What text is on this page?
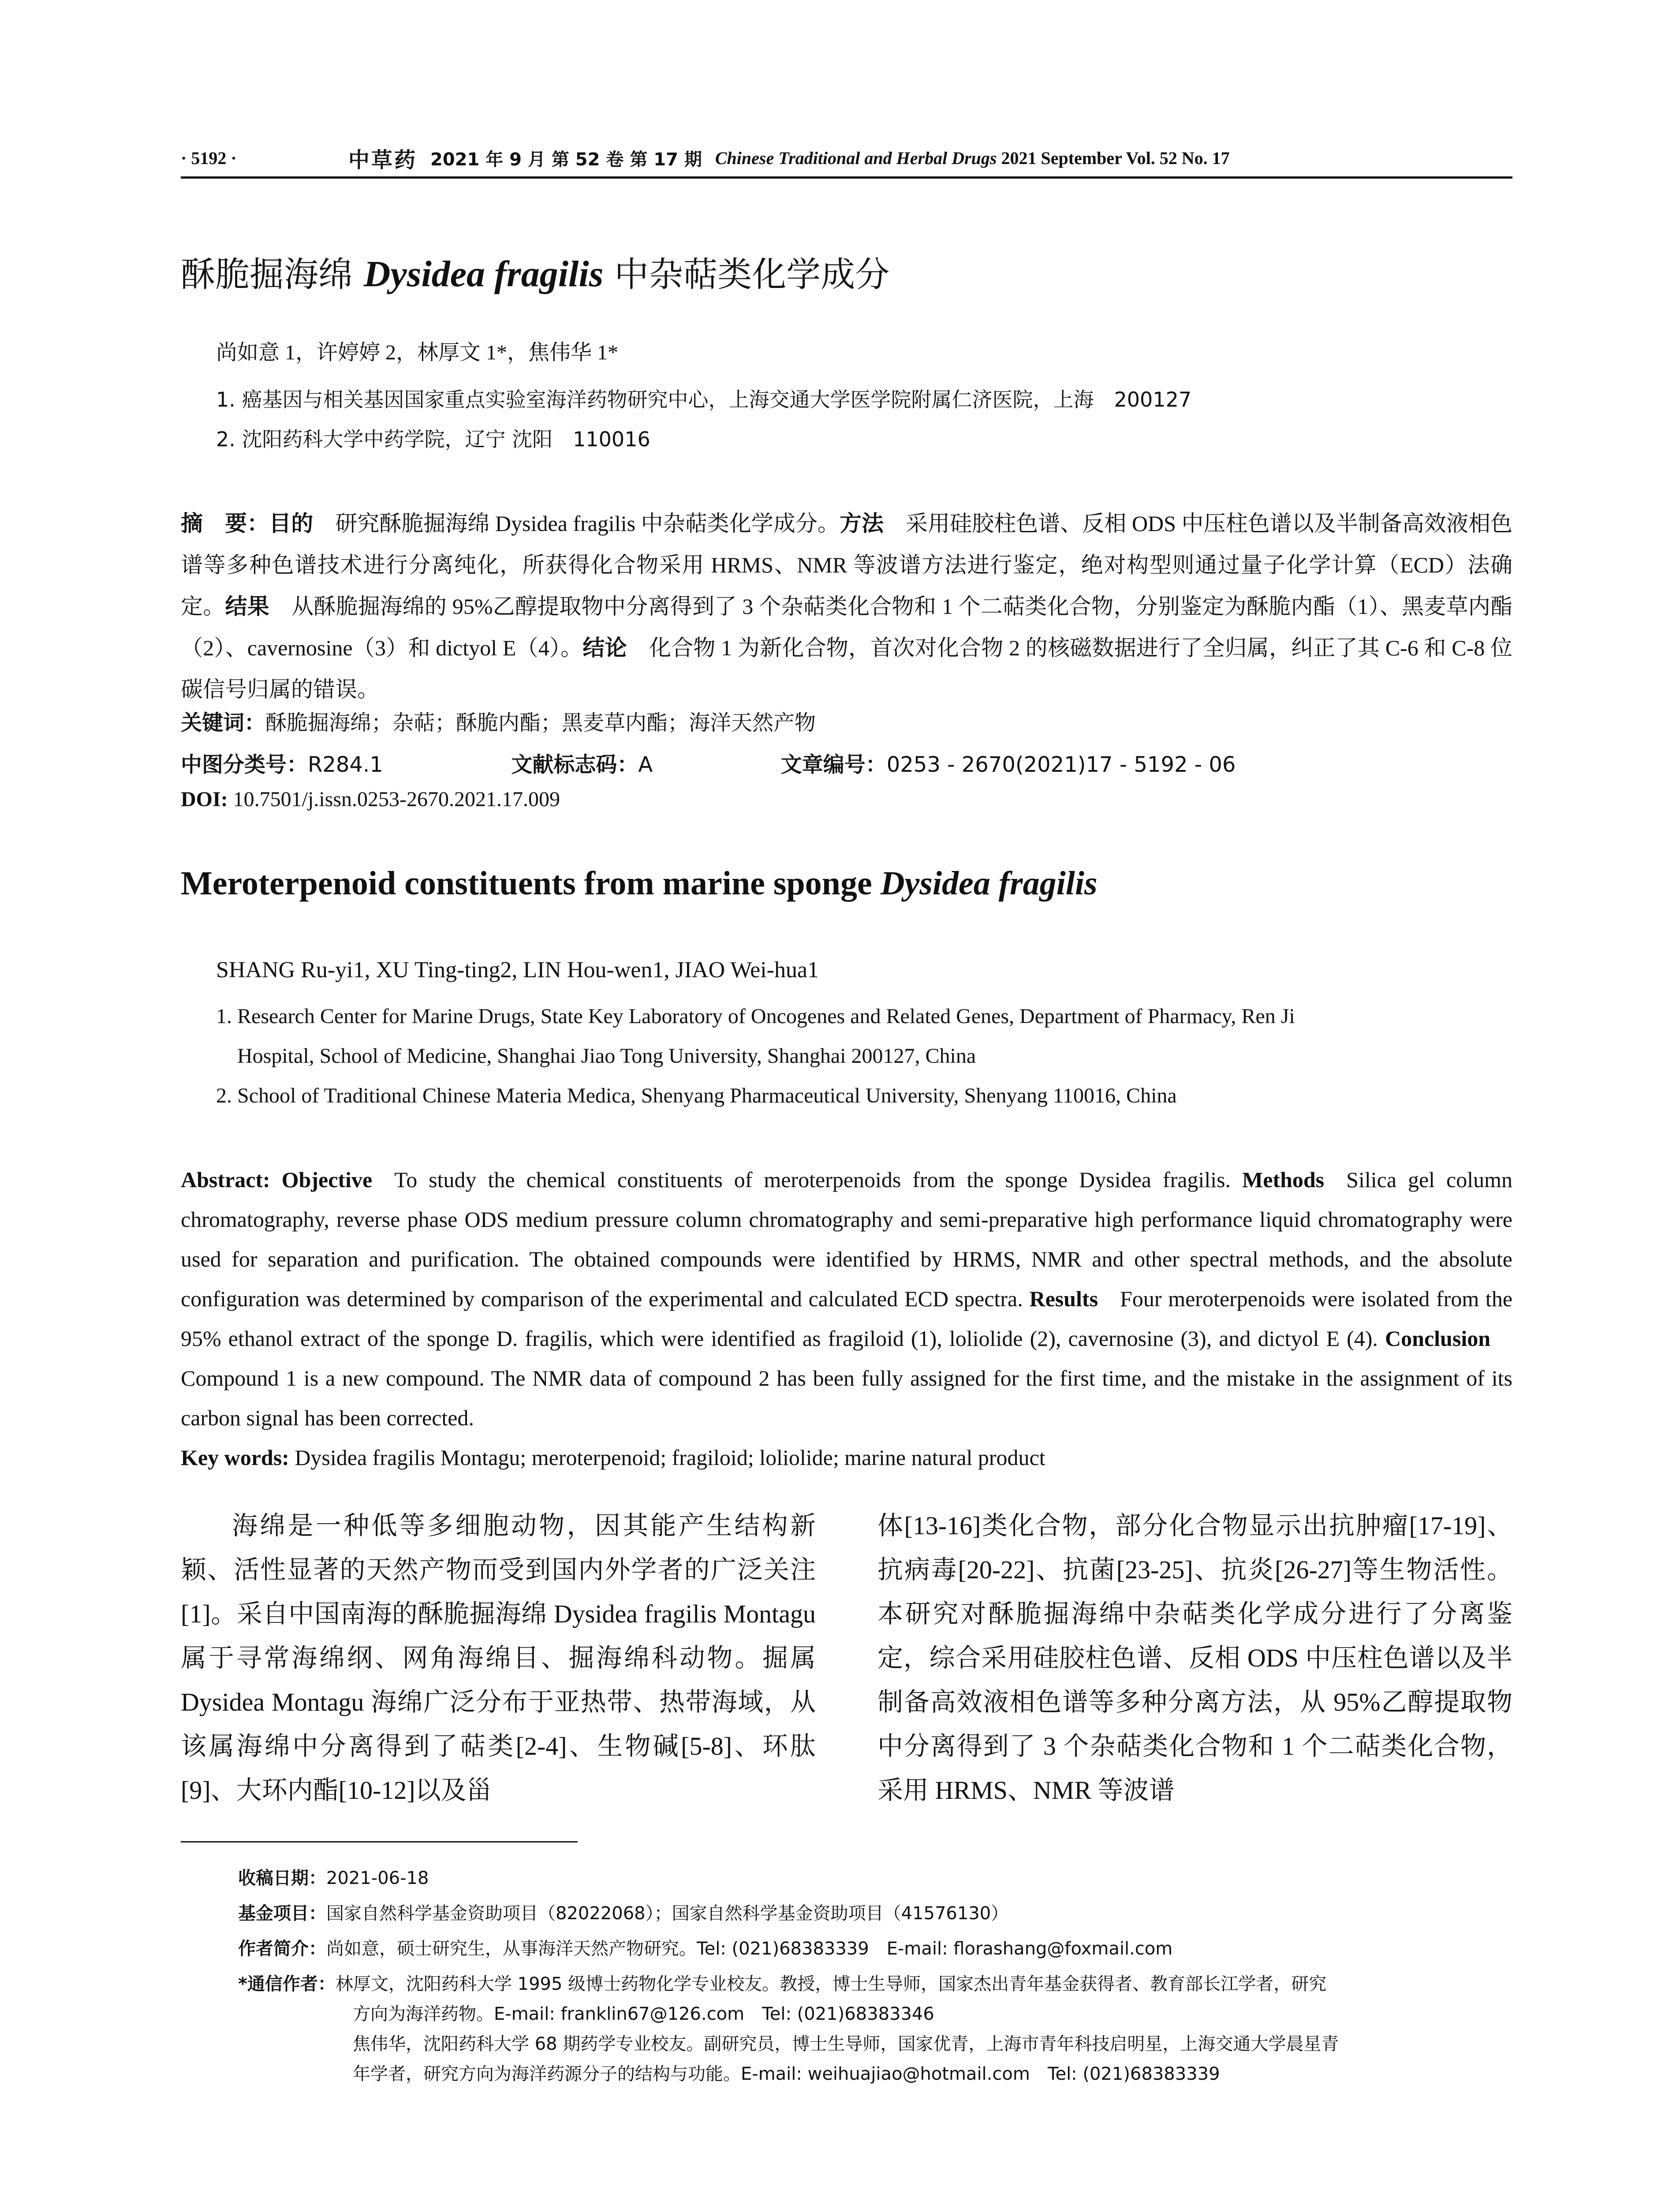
· 5192 ·	中草药 2021 年 9 月 第 52 卷 第 17 期 Chinese Traditional and Herbal Drugs 2021 September Vol. 52 No. 17
酥脆掘海绵 Dysidea fragilis 中杂萜类化学成分
尚如意 1，许婷婷 2，林厚文 1*，焦伟华 1*
1. 癌基因与相关基因国家重点实验室海洋药物研究中心，上海交通大学医学院附属仁济医院，上海　200127
2. 沈阳药科大学中药学院，辽宁 沈阳　110016
摘　要：目的　研究酥脆掘海绵 Dysidea fragilis 中杂萜类化学成分。方法　采用硅胶柱色谱、反相 ODS 中压柱色谱以及半制备高效液相色谱等多种色谱技术进行分离纯化，所获得化合物采用 HRMS、NMR 等波谱方法进行鉴定，绝对构型则通过量子化学计算（ECD）法确定。结果　从酥脆掘海绵的 95%乙醇提取物中分离得到了 3 个杂萜类化合物和 1 个二萜类化合物，分别鉴定为酥脆内酯（1）、黑麦草内酯（2）、cavernosine（3）和 dictyol E（4）。结论　化合物 1 为新化合物，首次对化合物 2 的核磁数据进行了全归属，纠正了其 C-6 和 C-8 位碳信号归属的错误。
关键词：酥脆掘海绵；杂萜；酥脆内酯；黑麦草内酯；海洋天然产物
中图分类号：R284.1	文献标志码：A	文章编号：0253 - 2670(2021)17 - 5192 - 06
DOI: 10.7501/j.issn.0253-2670.2021.17.009
Meroterpenoid constituents from marine sponge Dysidea fragilis
SHANG Ru-yi1, XU Ting-ting2, LIN Hou-wen1, JIAO Wei-hua1
1. Research Center for Marine Drugs, State Key Laboratory of Oncogenes and Related Genes, Department of Pharmacy, Ren Ji
Hospital, School of Medicine, Shanghai Jiao Tong University, Shanghai 200127, China
2. School of Traditional Chinese Materia Medica, Shenyang Pharmaceutical University, Shenyang 110016, China
Abstract: Objective To study the chemical constituents of meroterpenoids from the sponge Dysidea fragilis. Methods Silica gel column chromatography, reverse phase ODS medium pressure column chromatography and semi-preparative high performance liquid chromatography were used for separation and purification. The obtained compounds were identified by HRMS, NMR and other spectral methods, and the absolute configuration was determined by comparison of the experimental and calculated ECD spectra. Results Four meroterpenoids were isolated from the 95% ethanol extract of the sponge D. fragilis, which were identified as fragiloid (1), loliolide (2), cavernosine (3), and dictyol E (4). ConclusionCompound 1 is a new compound. The NMR data of compound 2 has been fully assigned for the first time, and the mistake in the assignment of its carbon signal has been corrected.
Key words: Dysidea fragilis Montagu; meroterpenoid; fragiloid; loliolide; marine natural product

海绵是一种低等多细胞动物，因其能产生结构新颖、活性显著的天然产物而受到国内外学者的广泛关注[1]。采自中国南海的酥脆掘海绵 Dysidea fragilis Montagu 属于寻常海绵纲、网角海绵目、掘海绵科动物。掘属 Dysidea Montagu 海绵广泛分布于亚热带、热带海域，从该属海绵中分离得到了萜类[2-4]、生物碱[5-8]、环肽[9]、大环内酯[10-12]以及甾

体[13-16]类化合物，部分化合物显示出抗肿瘤[17-19]、抗病毒[20-22]、抗菌[23-25]、抗炎[26-27]等生物活性。本研究对酥脆掘海绵中杂萜类化学成分进行了分离鉴定，综合采用硅胶柱色谱、反相 ODS 中压柱色谱以及半制备高效液相色谱等多种分离方法，从 95%乙醇提取物中分离得到了 3 个杂萜类化合物和 1 个二萜类化合物，采用 HRMS、NMR 等波谱

收稿日期：2021-06-18
基金项目：国家自然科学基金资助项目（82022068）；国家自然科学基金资助项目（41576130）
作者简介：尚如意，硕士研究生，从事海洋天然产物研究。Tel: (021)68383339　E-mail: florashang@foxmail.com
*通信作者：林厚文，沈阳药科大学 1995 级博士药物化学专业校友。教授，博士生导师，国家杰出青年基金获得者、教育部长江学者，研究
方向为海洋药物。E-mail: franklin67@126.com　Tel: (021)68383346
焦伟华，沈阳药科大学 68 期药学专业校友。副研究员，博士生导师，国家优青，上海市青年科技启明星，上海交通大学晨星青
年学者，研究方向为海洋药源分子的结构与功能。E-mail: weihuajiao@hotmail.com　Tel: (021)68383339
